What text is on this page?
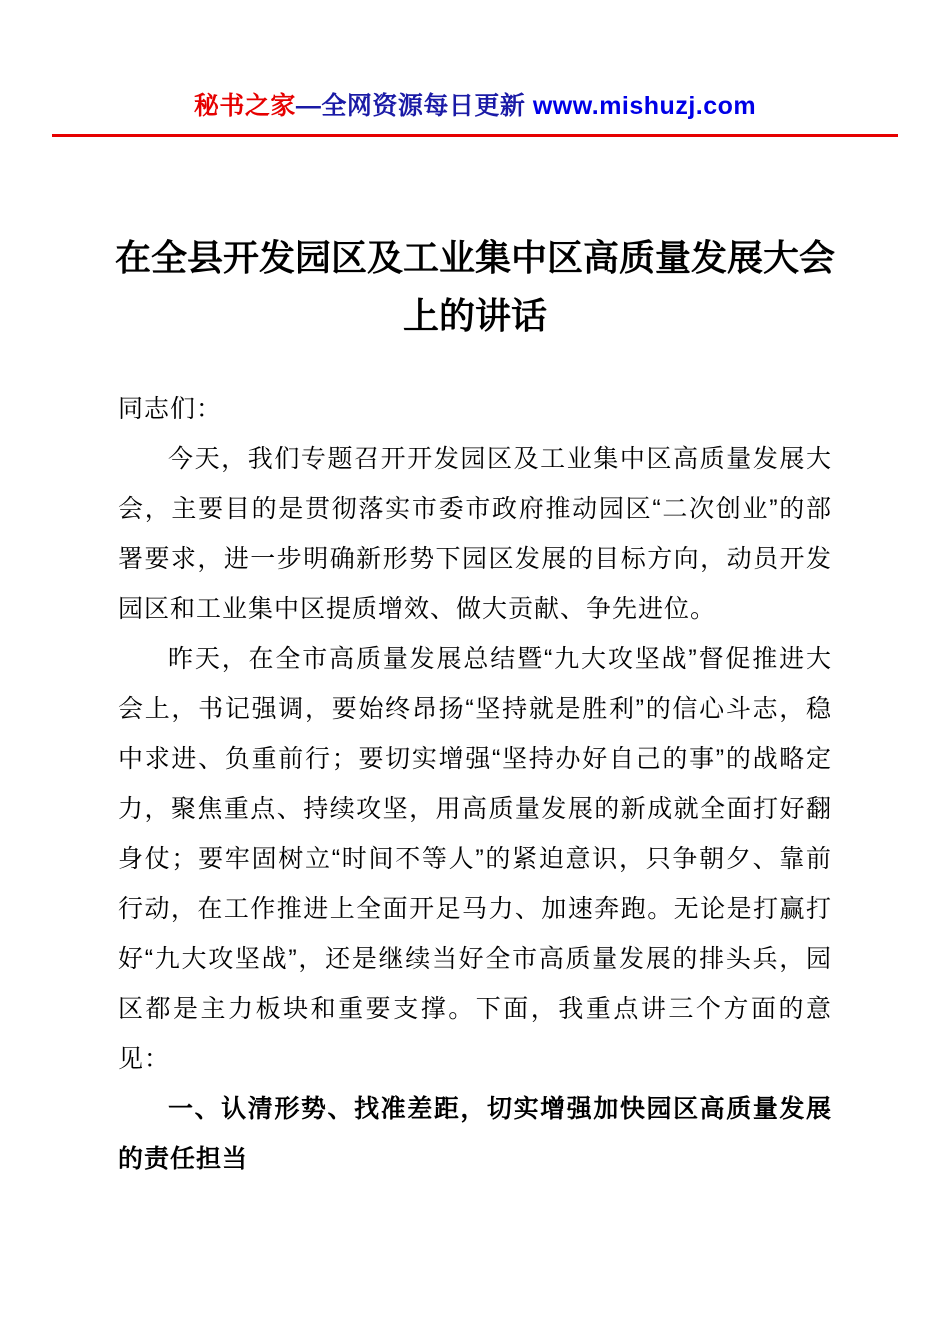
秘书之家—全网资源每日更新 www.mishuzj.com
在全县开发园区及工业集中区高质量发展大会上的讲话

同志们：

今天，我们专题召开开发园区及工业集中区高质量发展大会，主要目的是贯彻落实市委市政府推动园区“二次创业”的部署要求，进一步明确新形势下园区发展的目标方向，动员开发园区和工业集中区提质增效、做大贡献、争先进位。

昨天，在全市高质量发展总结暨“九大攻坚战”督促推进大会上，书记强调，要始终昂扬“坚持就是胜利”的信心斗志，稳中求进、负重前行；要切实增强“坚持办好自己的事”的战略定力，聚焦重点、持续攻坚，用高质量发展的新成就全面打好翻身仗；要牢固树立“时间不等人”的紧迫意识，只争朝夕、靠前行动，在工作推进上全面开足马力、加速奔跑。无论是打赢打好“九大攻坚战”，还是继续当好全市高质量发展的排头兵，园区都是主力板块和重要支撑。下面，我重点讲三个方面的意见：

一、认清形势、找准差距，切实增强加快园区高质量发展的责任担当
